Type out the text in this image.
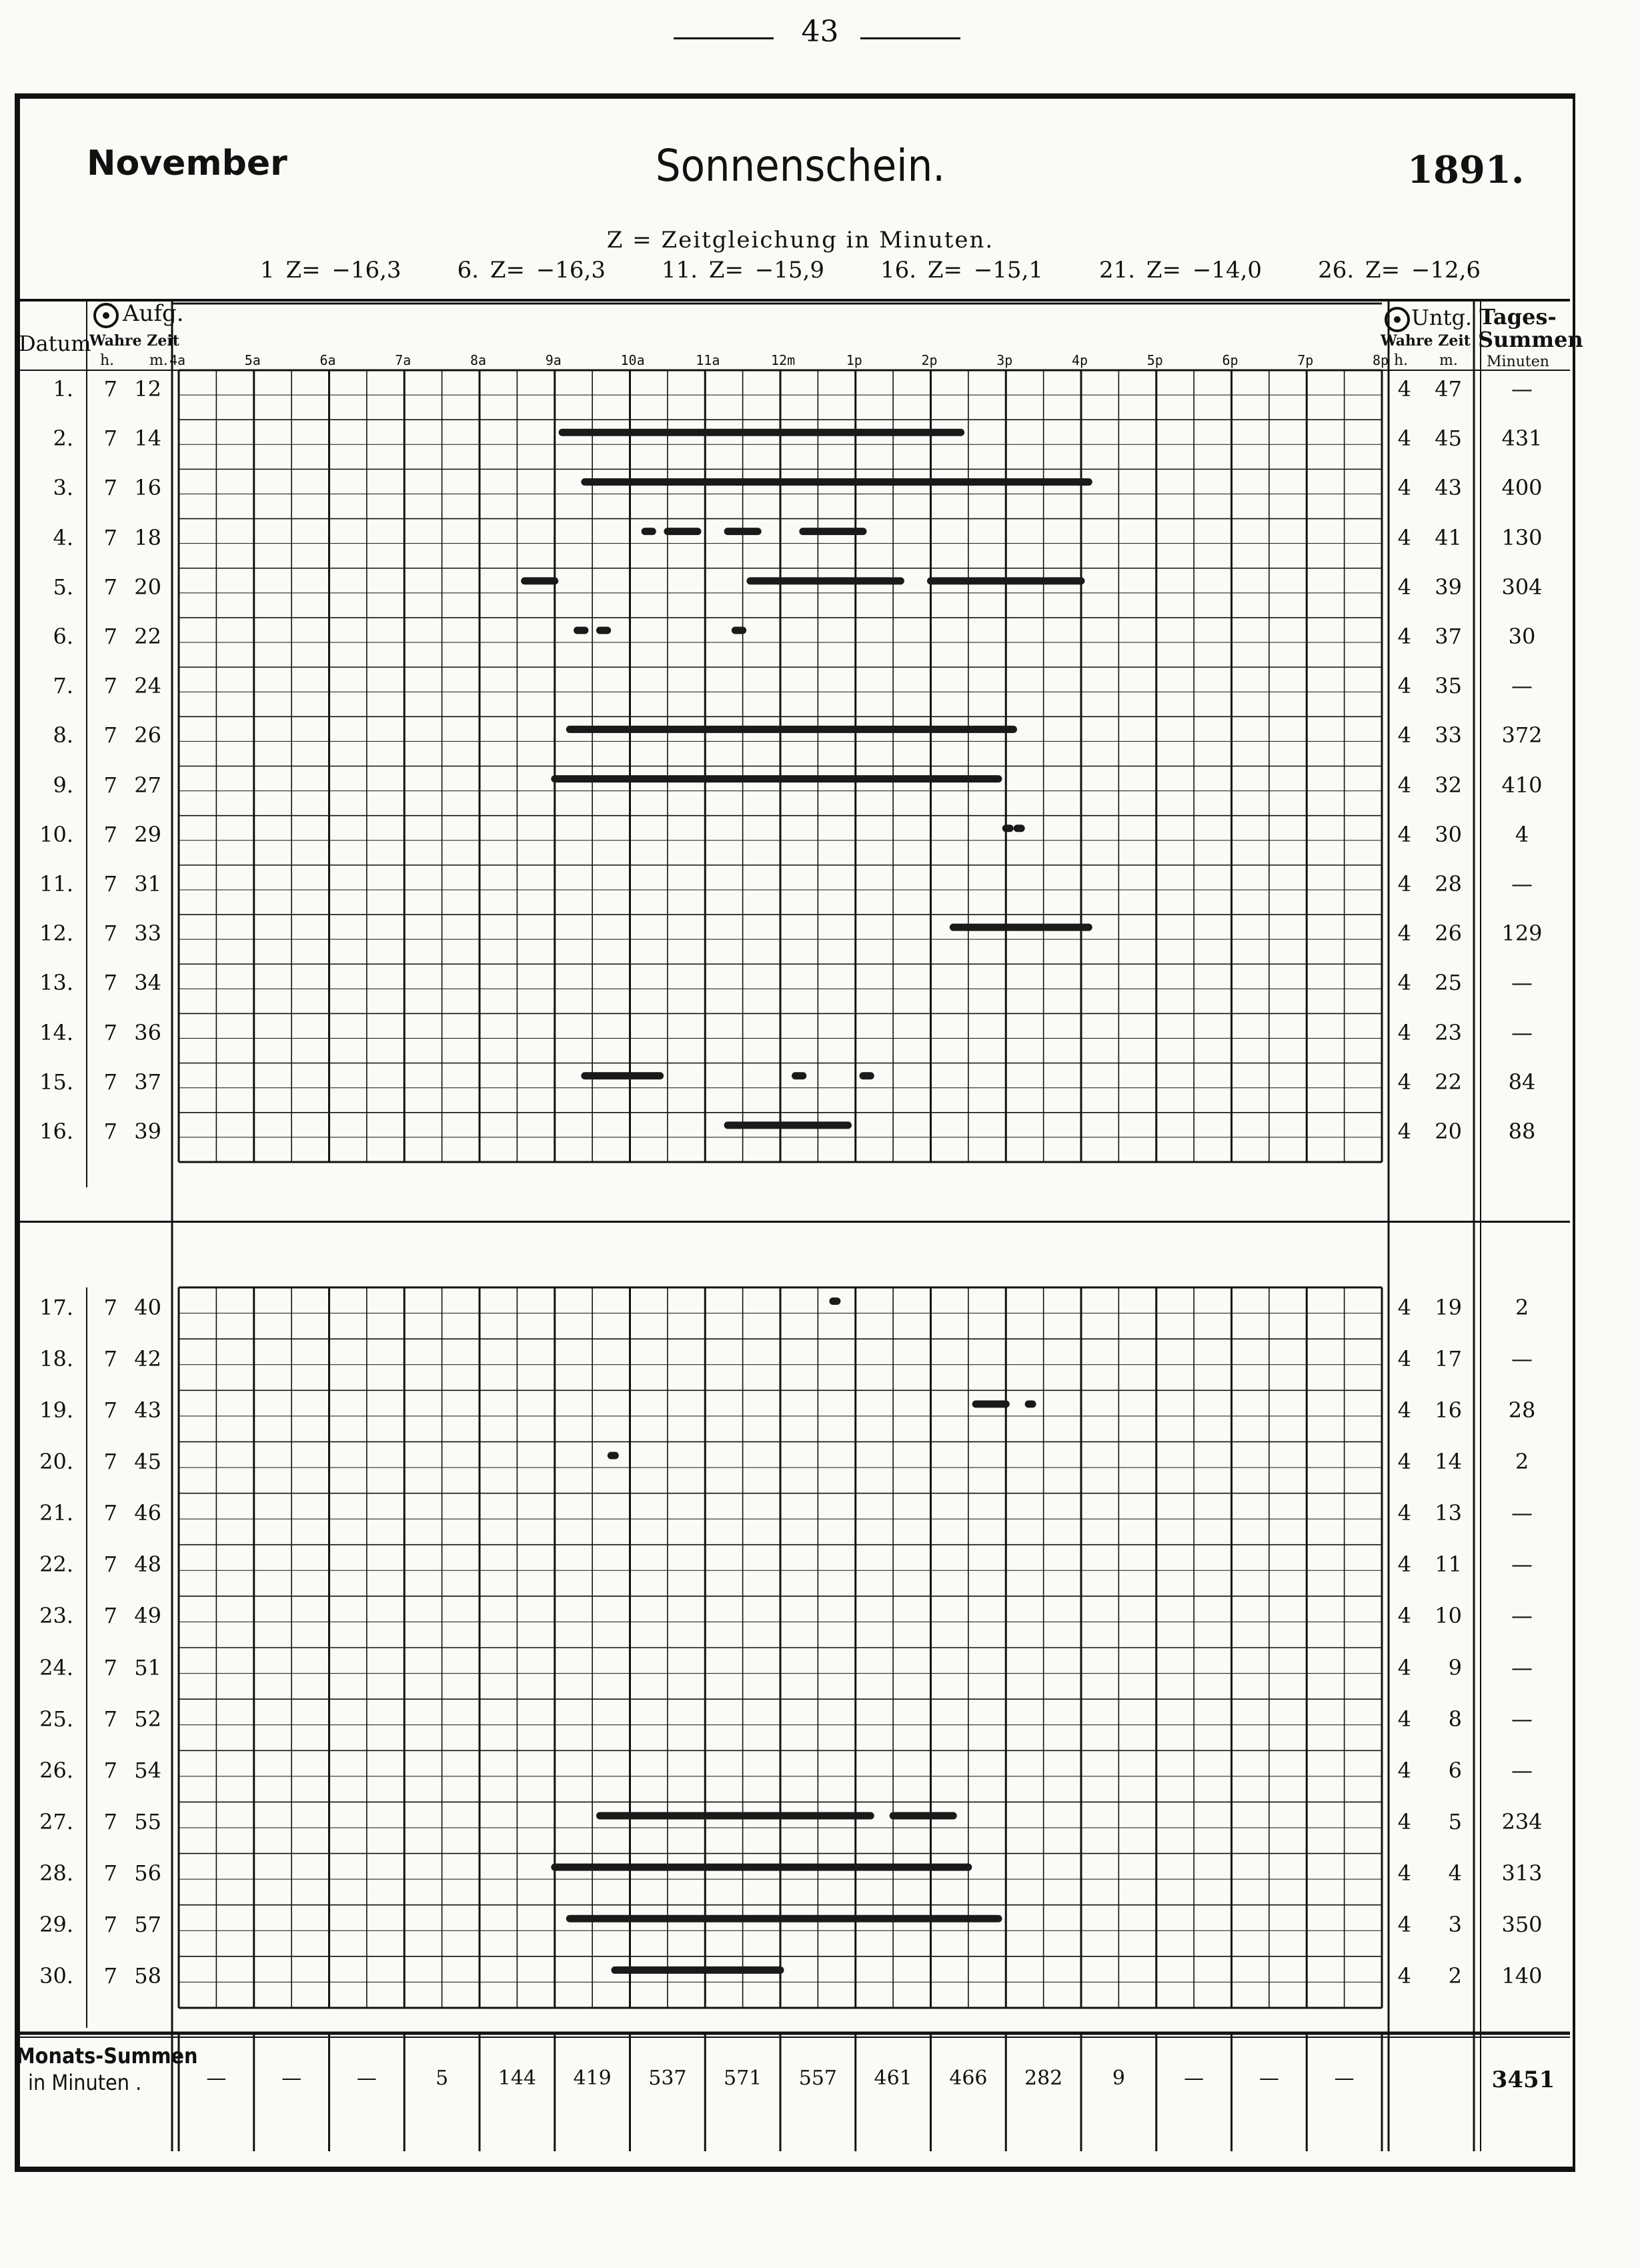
43
November	Sonnenschein.	1891.
Z = Zeitgleichung in Minuten.
1 Z= −16,3     6. Z= −16,3     11. Z= −15,9     16. Z= −15,1     21. Z= −14,0     26. Z= −12,6
Datum
Aufg.
Wahre Zeit
h. m.
Untg.
Wahre Zeit
h. m.
Tages-
Summen
Minuten
4a	5a	6a	7a	8a	9a	10a	11a	12m	1p	2p	3p	4p	5p	6p	7p	8p
1.	7 12	4	47	—
2.	7 14	4	45	431
3.	7 16	4	43	400
4.	7 18	4	41	130
5.	7 20	4	39	304
6.	7 22	4	37	30
7.	7 24	4	35	—
8.	7 26	4	33	372
9.	7 27	4	32	410
10.	7 29	4	30	4
11.	7 31	4	28	—
12.	7 33	4	26	129
13.	7 34	4	25	—
14.	7 36	4	23	—
15.	7 37	4	22	84
16.	7 39	4	20	88
17.	7 40	4	19	2
18.	7 42	4	17	—
19.	7 43	4	16	28
20.	7 45	4	14	2
21.	7 46	4	13	—
22.	7 48	4	11	—
23.	7 49	4	10	—
24.	7 51	4	9	—
25.	7 52	4	8	—
26.	7 54	4	6	—
27.	7 55	4	5	234
28.	7 56	4	4	313
29.	7 57	4	3	350
30.	7 58	4	2	140
Monats-Summen
in Minuten .	—	—	—	5	144	419	537	571	557	461	466	282	9	—	—	—	3451
